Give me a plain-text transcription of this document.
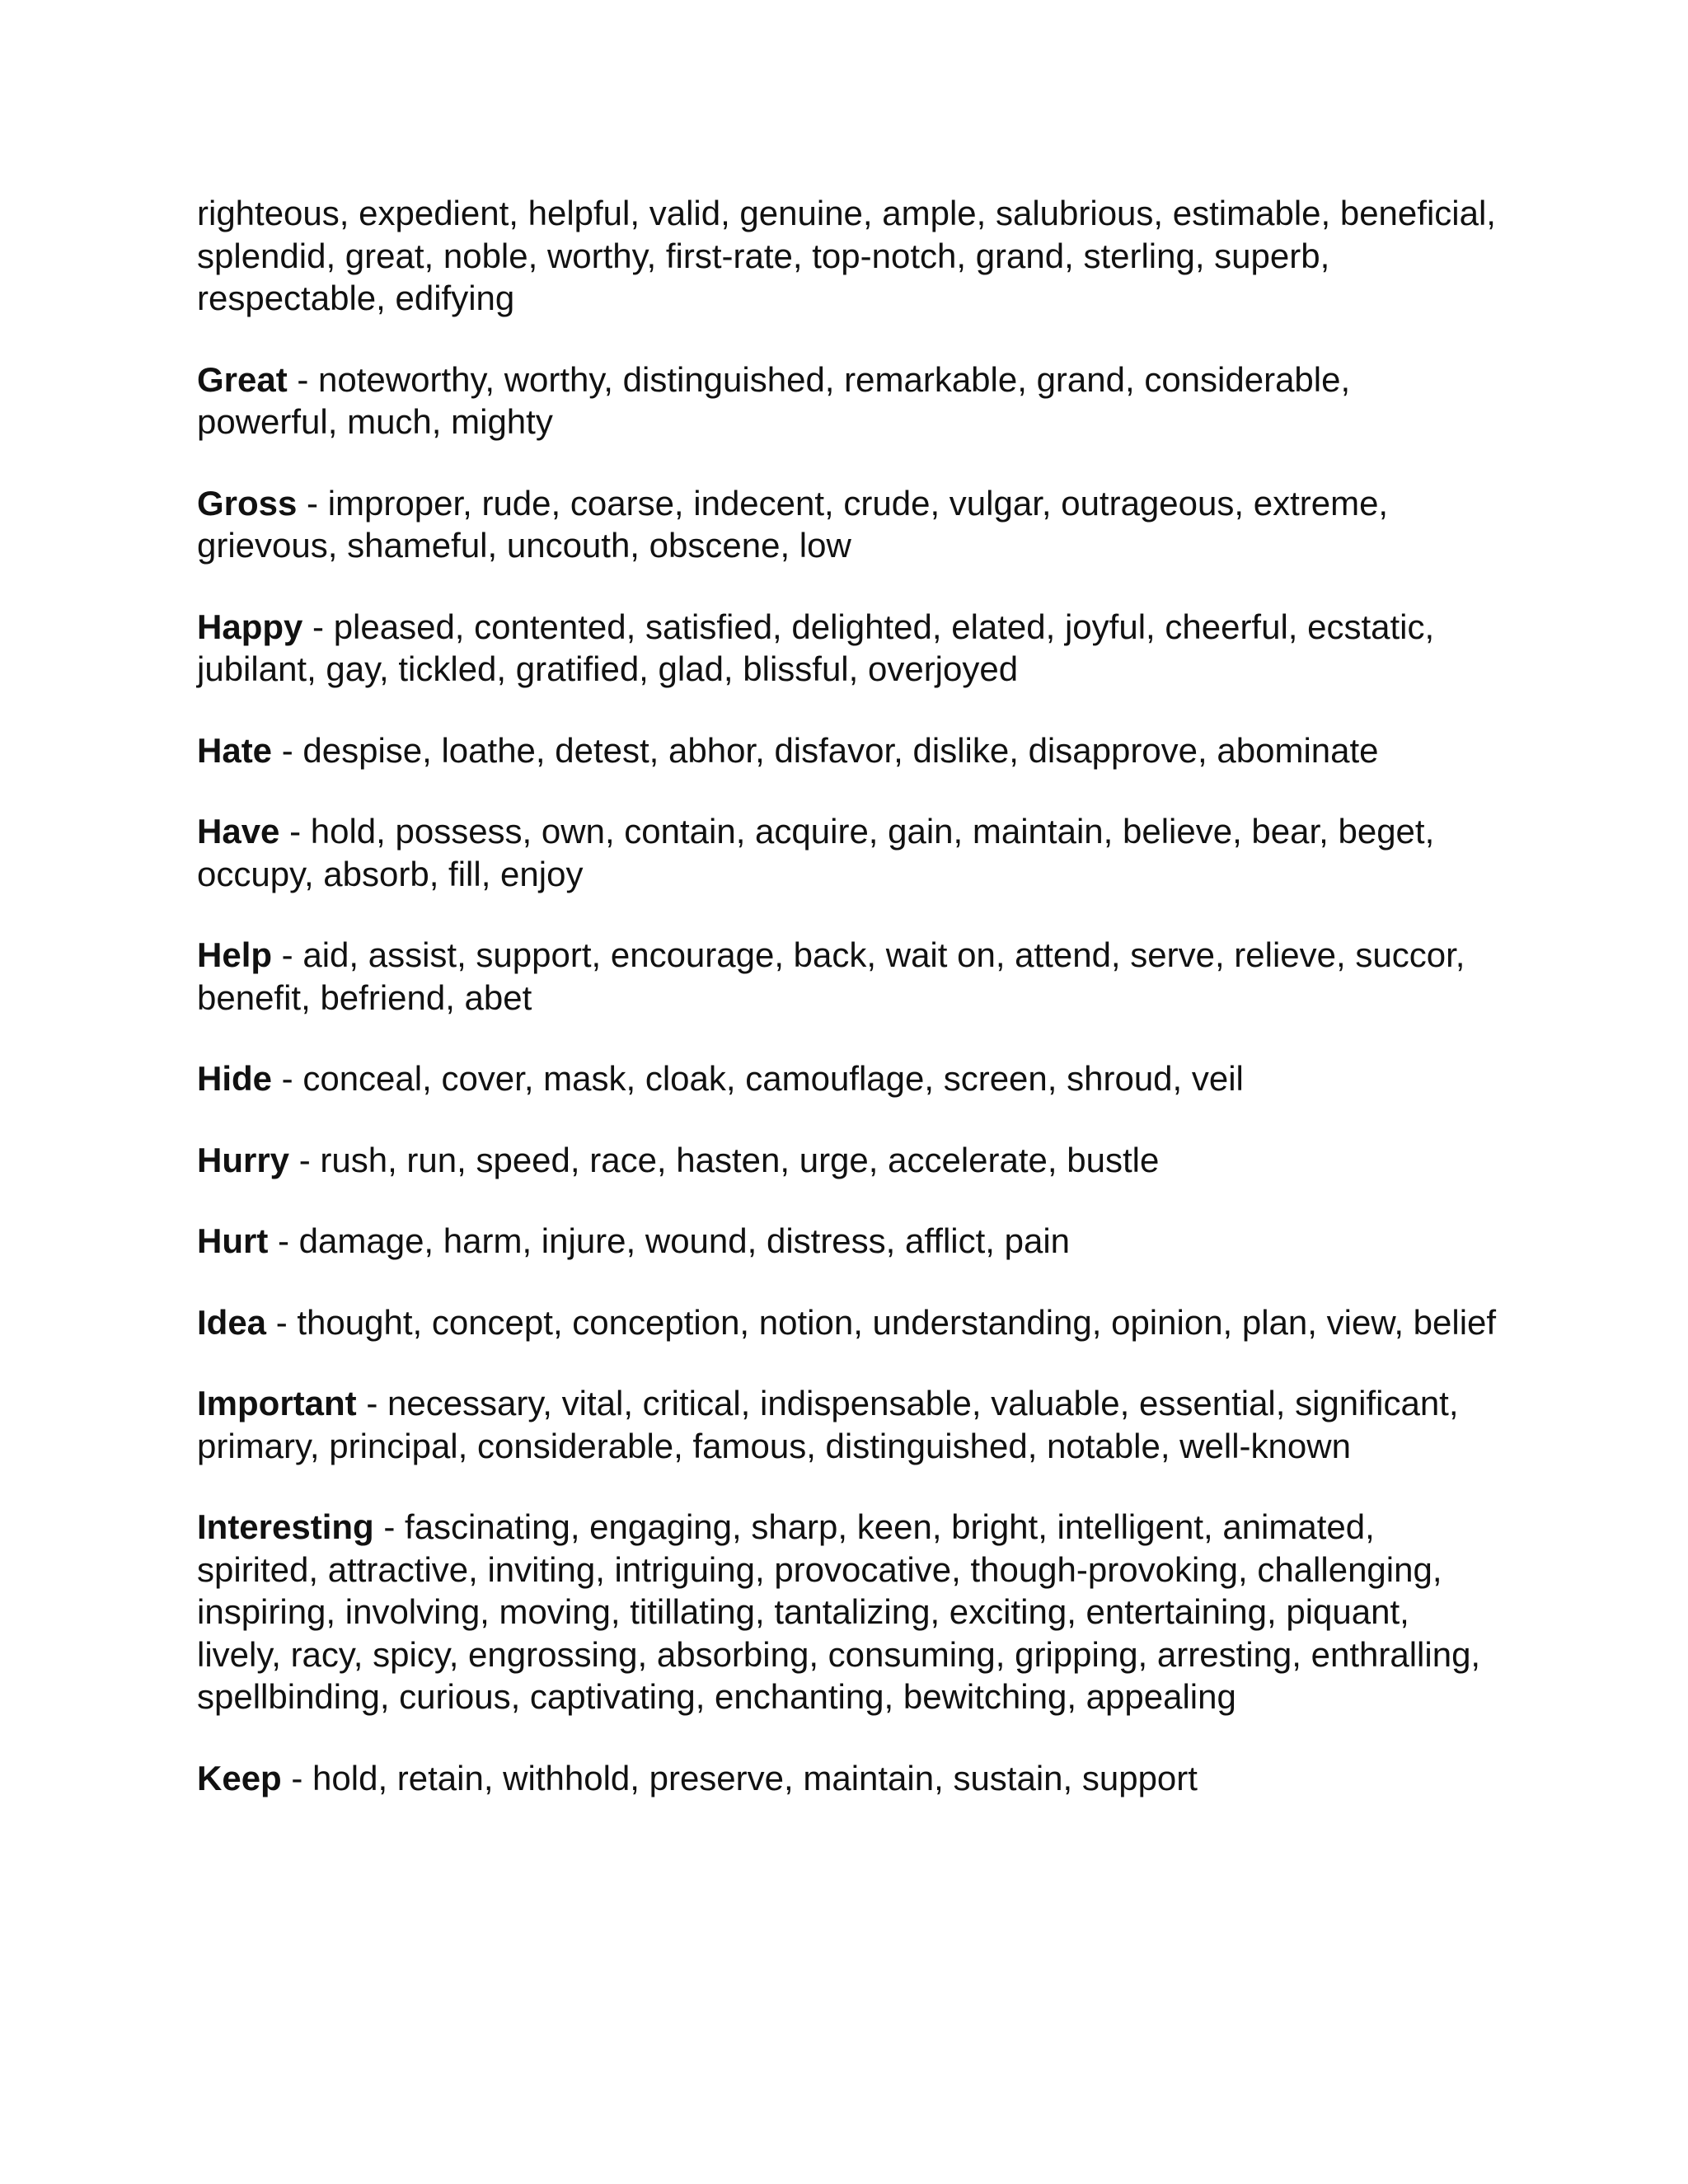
righteous, expedient, helpful, valid, genuine, ample, salubrious, estimable, beneficial, splendid, great, noble, worthy, first-rate, top-notch, grand, sterling, superb, respectable, edifying

Great - noteworthy, worthy, distinguished, remarkable, grand, considerable, powerful, much, mighty

Gross - improper, rude, coarse, indecent, crude, vulgar, outrageous, extreme, grievous, shameful, uncouth, obscene, low

Happy - pleased, contented, satisfied, delighted, elated, joyful, cheerful, ecstatic, jubilant, gay, tickled, gratified, glad, blissful, overjoyed

Hate - despise, loathe, detest, abhor, disfavor, dislike, disapprove, abominate

Have - hold, possess, own, contain, acquire, gain, maintain, believe, bear, beget, occupy, absorb, fill, enjoy

Help - aid, assist, support, encourage, back, wait on, attend, serve, relieve, succor, benefit, befriend, abet

Hide - conceal, cover, mask, cloak, camouflage, screen, shroud, veil

Hurry - rush, run, speed, race, hasten, urge, accelerate, bustle

Hurt - damage, harm, injure, wound, distress, afflict, pain

Idea - thought, concept, conception, notion, understanding, opinion, plan, view, belief

Important - necessary, vital, critical, indispensable, valuable, essential, significant, primary, principal, considerable, famous, distinguished, notable, well-known

Interesting - fascinating, engaging, sharp, keen, bright, intelligent, animated, spirited, attractive, inviting, intriguing, provocative, though-provoking, challenging, inspiring, involving, moving, titillating, tantalizing, exciting, entertaining, piquant, lively, racy, spicy, engrossing, absorbing, consuming, gripping, arresting, enthralling, spellbinding, curious, captivating, enchanting, bewitching, appealing

Keep - hold, retain, withhold, preserve, maintain, sustain, support
